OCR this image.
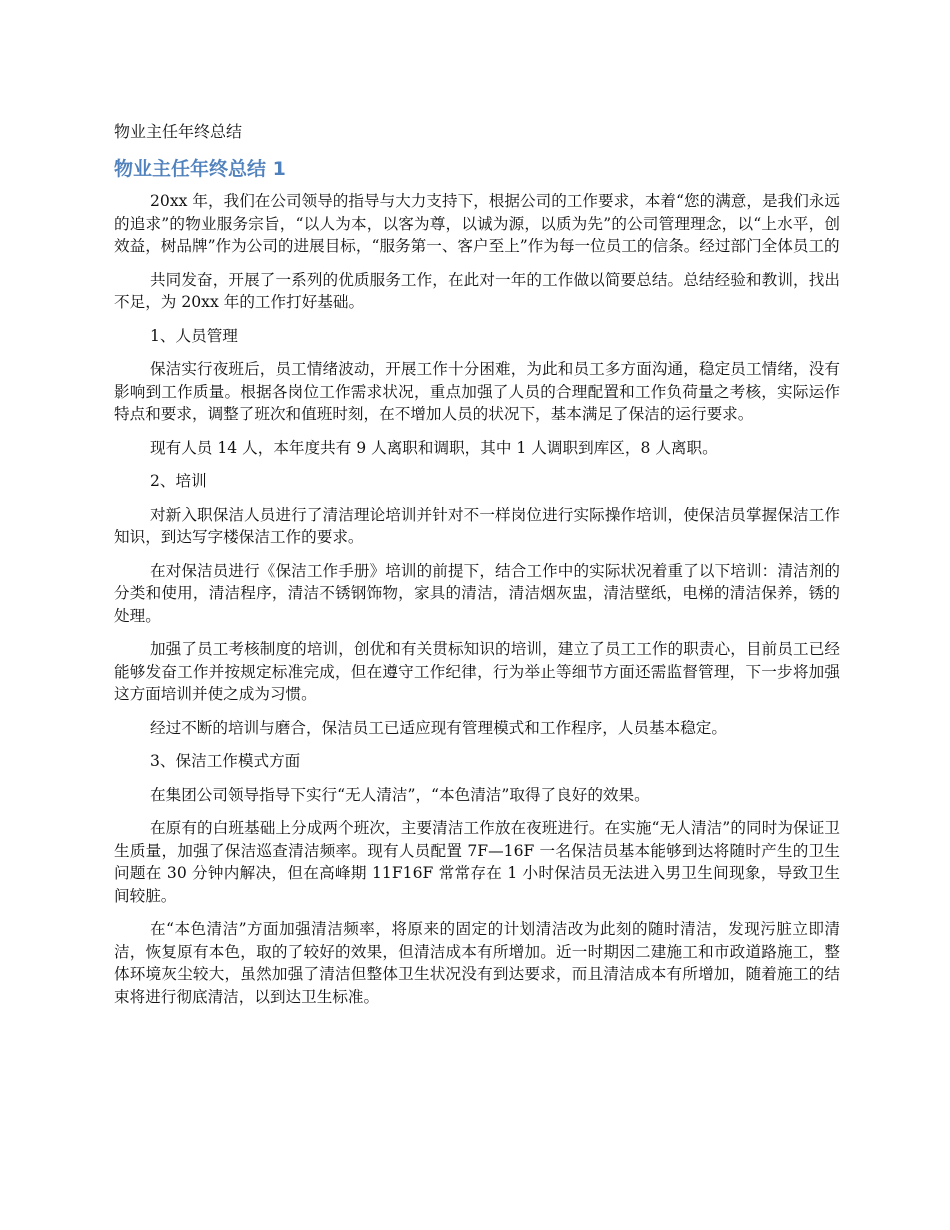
物业主任年终总结
物业主任年终总结 1

20xx 年，我们在公司领导的指导与大力支持下，根据公司的工作要求，本着“您的满意，是我们永远的追求”的物业服务宗旨，“以人为本，以客为尊，以诚为源，以质为先”的公司管理理念，以“上水平，创效益，树品牌”作为公司的进展目标，“服务第一、客户至上”作为每一位员工的信条。经过部门全体员工的

共同发奋，开展了一系列的优质服务工作，在此对一年的工作做以简要总结。总结经验和教训，找出不足，为 20xx 年的工作打好基础。

1、人员管理

保洁实行夜班后，员工情绪波动，开展工作十分困难，为此和员工多方面沟通，稳定员工情绪，没有影响到工作质量。根据各岗位工作需求状况，重点加强了人员的合理配置和工作负荷量之考核，实际运作特点和要求，调整了班次和值班时刻，在不增加人员的状况下，基本满足了保洁的运行要求。

现有人员 14 人，本年度共有 9 人离职和调职，其中 1 人调职到库区，8 人离职。

2、培训

对新入职保洁人员进行了清洁理论培训并针对不一样岗位进行实际操作培训，使保洁员掌握保洁工作知识，到达写字楼保洁工作的要求。

在对保洁员进行《保洁工作手册》培训的前提下，结合工作中的实际状况着重了以下培训：清洁剂的分类和使用，清洁程序，清洁不锈钢饰物，家具的清洁，清洁烟灰盅，清洁壁纸，电梯的清洁保养，锈的处理。

加强了员工考核制度的培训，创优和有关贯标知识的培训，建立了员工工作的职责心，目前员工已经能够发奋工作并按规定标准完成，但在遵守工作纪律，行为举止等细节方面还需监督管理，下一步将加强这方面培训并使之成为习惯。

经过不断的培训与磨合，保洁员工已适应现有管理模式和工作程序，人员基本稳定。

3、保洁工作模式方面

在集团公司领导指导下实行“无人清洁”，“本色清洁”取得了良好的效果。

在原有的白班基础上分成两个班次，主要清洁工作放在夜班进行。在实施“无人清洁”的同时为保证卫生质量，加强了保洁巡查清洁频率。现有人员配置 7F—16F 一名保洁员基本能够到达将随时产生的卫生问题在 30 分钟内解决，但在高峰期 11F16F 常常存在 1 小时保洁员无法进入男卫生间现象，导致卫生间较脏。

在“本色清洁”方面加强清洁频率，将原来的固定的计划清洁改为此刻的随时清洁，发现污脏立即清洁，恢复原有本色，取的了较好的效果，但清洁成本有所增加。近一时期因二建施工和市政道路施工，整体环境灰尘较大，虽然加强了清洁但整体卫生状况没有到达要求，而且清洁成本有所增加，随着施工的结束将进行彻底清洁，以到达卫生标准。
